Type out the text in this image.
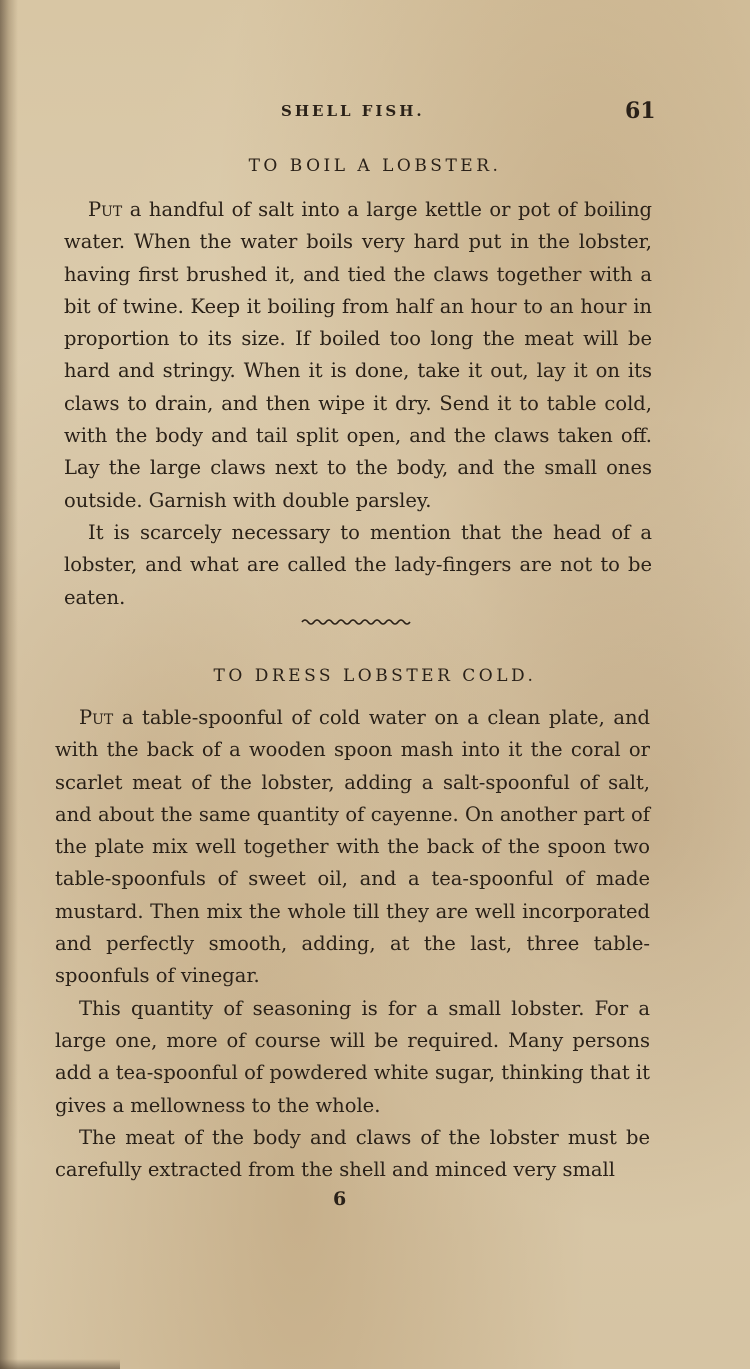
SHELL FISH.	61
TO BOIL A LOBSTER.

Put a handful of salt into a large kettle or pot of boiling water. When the water boils very hard put in the lobster, having first brushed it, and tied the claws together with a bit of twine. Keep it boiling from half an hour to an hour in proportion to its size. If boiled too long the meat will be hard and stringy. When it is done, take it out, lay it on its claws to drain, and then wipe it dry. Send it to table cold, with the body and tail split open, and the claws taken off. Lay the large claws next to the body, and the small ones outside. Garnish with double parsley.

It is scarcely necessary to mention that the head of a lobster, and what are called the lady-fingers are not to be eaten.

TO DRESS LOBSTER COLD.

Put a table-spoonful of cold water on a clean plate, and with the back of a wooden spoon mash into it the coral or scarlet meat of the lobster, adding a salt-spoonful of salt, and about the same quantity of cayenne. On another part of the plate mix well together with the back of the spoon two table-spoonfuls of sweet oil, and a tea-spoonful of made mustard. Then mix the whole till they are well incorporated and perfectly smooth, adding, at the last, three table-spoonfuls of vinegar.

This quantity of seasoning is for a small lobster. For a large one, more of course will be required. Many persons add a tea-spoonful of powdered white sugar, thinking that it gives a mellowness to the whole.

The meat of the body and claws of the lobster must be carefully extracted from the shell and minced very small

6
